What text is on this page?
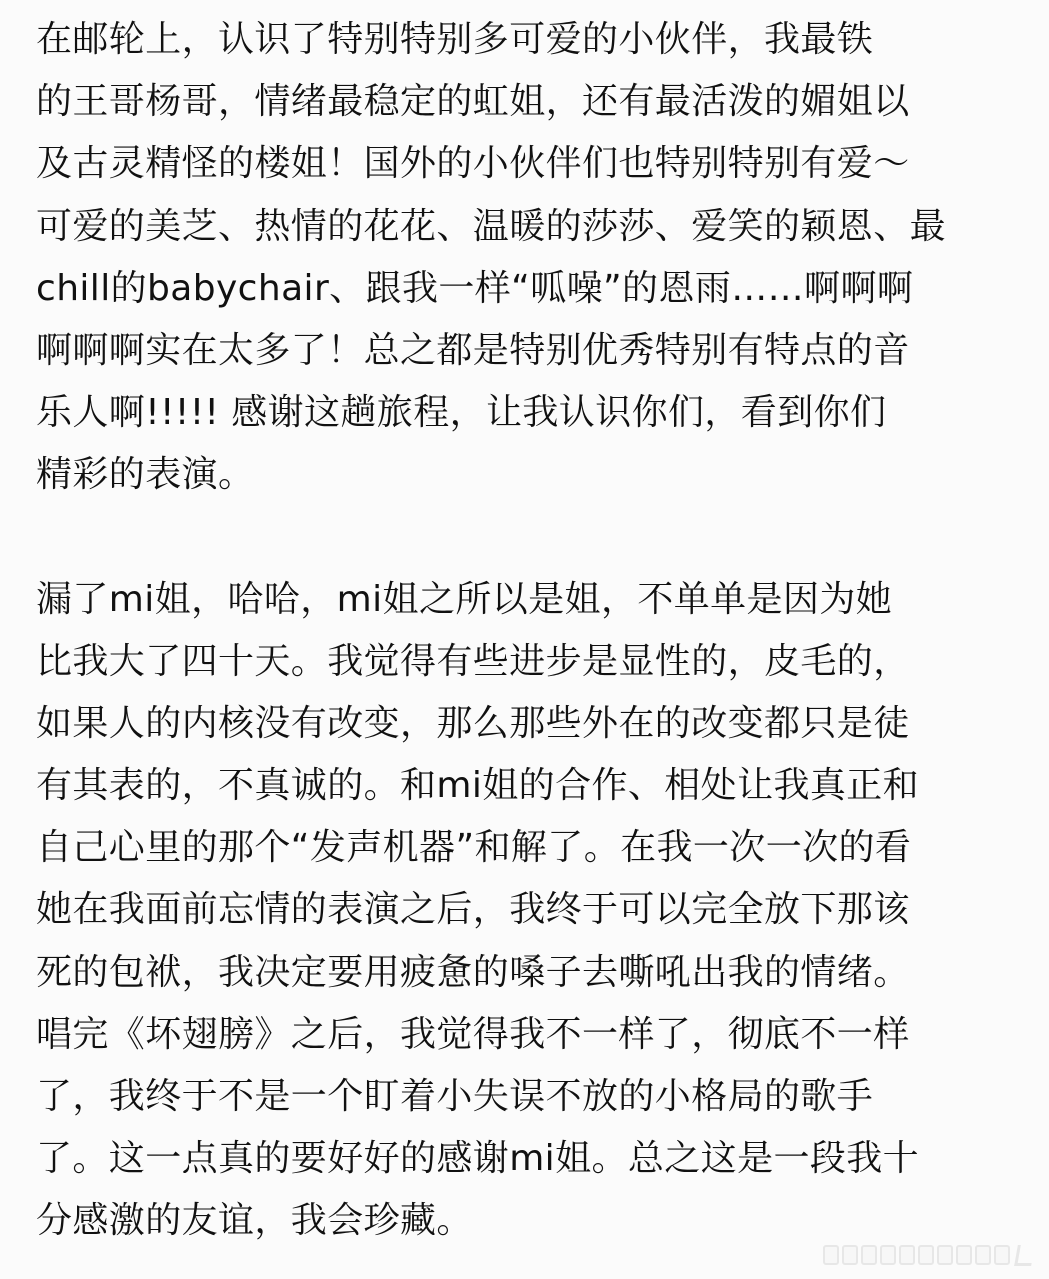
在邮轮上，认识了特别特别多可爱的小伙伴，我最铁
的王哥杨哥，情绪最稳定的虹姐，还有最活泼的媚姐以
及古灵精怪的楼姐！国外的小伙伴们也特别特别有爱～
可爱的美芝、热情的花花、温暖的莎莎、爱笑的颖恩、最
chill的babychair、跟我一样“呱噪”的恩雨……啊啊啊
啊啊啊实在太多了！总之都是特别优秀特别有特点的音
乐人啊!!!!! 感谢这趟旅程，让我认识你们，看到你们
精彩的表演。
漏了mi姐，哈哈，mi姐之所以是姐，不单单是因为她
比我大了四十天。我觉得有些进步是显性的，皮毛的，
如果人的内核没有改变，那么那些外在的改变都只是徒
有其表的，不真诚的。和mi姐的合作、相处让我真正和
自己心里的那个“发声机器”和解了。在我一次一次的看
她在我面前忘情的表演之后，我终于可以完全放下那该
死的包袱，我决定要用疲惫的嗓子去嘶吼出我的情绪。
唱完《坏翅膀》之后，我觉得我不一样了，彻底不一样
了，我终于不是一个盯着小失误不放的小格局的歌手
了。这一点真的要好好的感谢mi姐。总之这是一段我十
分感激的友谊，我会珍藏。
